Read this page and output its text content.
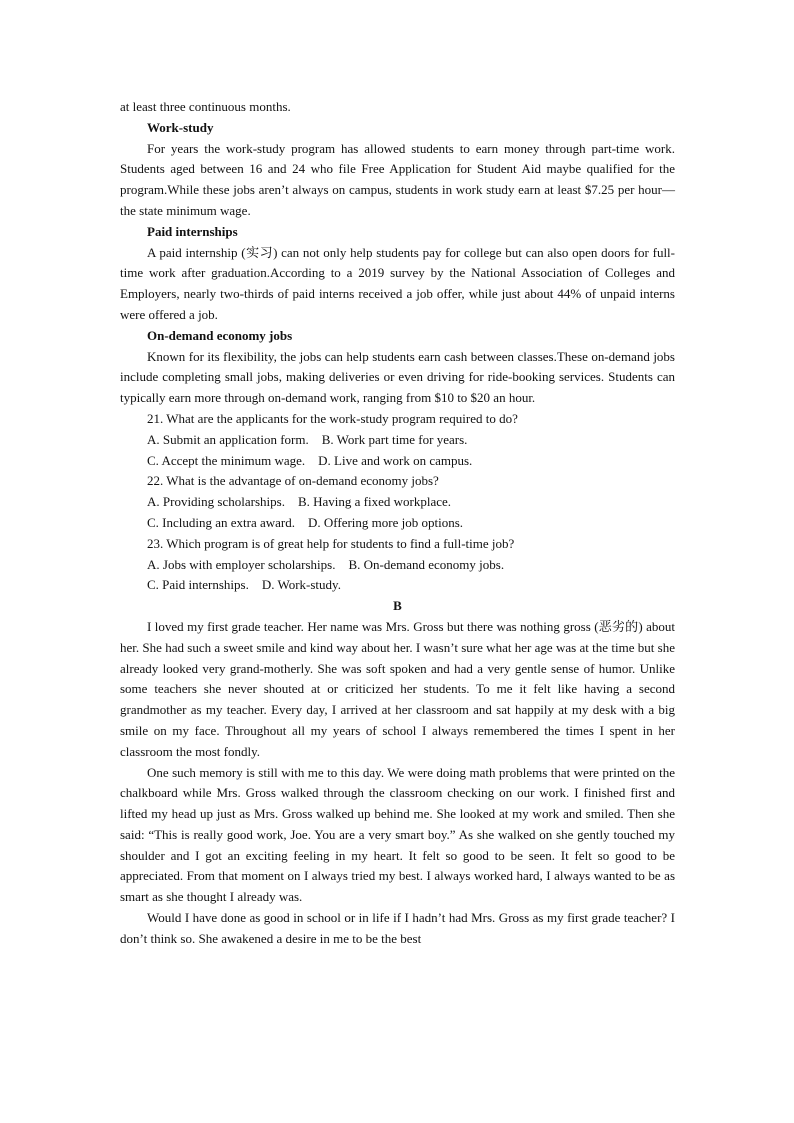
at least three continuous months.

Work-study

For years the work-study program has allowed students to earn money through part-time work. Students aged between 16 and 24 who file Free Application for Student Aid maybe qualified for the program.While these jobs aren’t always on campus, students in work study earn at least $7.25 per hour—the state minimum wage.

Paid internships

A paid internship (实习) can not only help students pay for college but can also open doors for full-time work after graduation.According to a 2019 survey by the National Association of Colleges and Employers, nearly two-thirds of paid interns received a job offer, while just about 44% of unpaid interns were offered a job.

On-demand economy jobs

Known for its flexibility, the jobs can help students earn cash between classes.These on-demand jobs include completing small jobs, making deliveries or even driving for ride-booking services. Students can typically earn more through on-demand work, ranging from $10 to $20 an hour.

21. What are the applicants for the work-study program required to do?

A. Submit an application form.    B. Work part time for years.

C. Accept the minimum wage.    D. Live and work on campus.

22. What is the advantage of on-demand economy jobs?

A. Providing scholarships.    B. Having a fixed workplace.

C. Including an extra award.    D. Offering more job options.

23. Which program is of great help for students to find a full-time job?

A. Jobs with employer scholarships.    B. On-demand economy jobs.

C. Paid internships.    D. Work-study.

B

I loved my first grade teacher. Her name was Mrs. Gross but there was nothing gross (恶劣的) about her. She had such a sweet smile and kind way about her. I wasn’t sure what her age was at the time but she already looked very grand-motherly. She was soft spoken and had a very gentle sense of humor. Unlike some teachers she never shouted at or criticized her students. To me it felt like having a second grandmother as my teacher. Every day, I arrived at her classroom and sat happily at my desk with a big smile on my face. Throughout all my years of school I always remembered the times I spent in her classroom the most fondly.

One such memory is still with me to this day. We were doing math problems that were printed on the chalkboard while Mrs. Gross walked through the classroom checking on our work. I finished first and lifted my head up just as Mrs. Gross walked up behind me. She looked at my work and smiled. Then she said: “This is really good work, Joe. You are a very smart boy.” As she walked on she gently touched my shoulder and I got an exciting feeling in my heart. It felt so good to be seen. It felt so good to be appreciated. From that moment on I always tried my best. I always worked hard, I always wanted to be as smart as she thought I already was.

Would I have done as good in school or in life if I hadn’t had Mrs. Gross as my first grade teacher? I don’t think so. She awakened a desire in me to be the best
